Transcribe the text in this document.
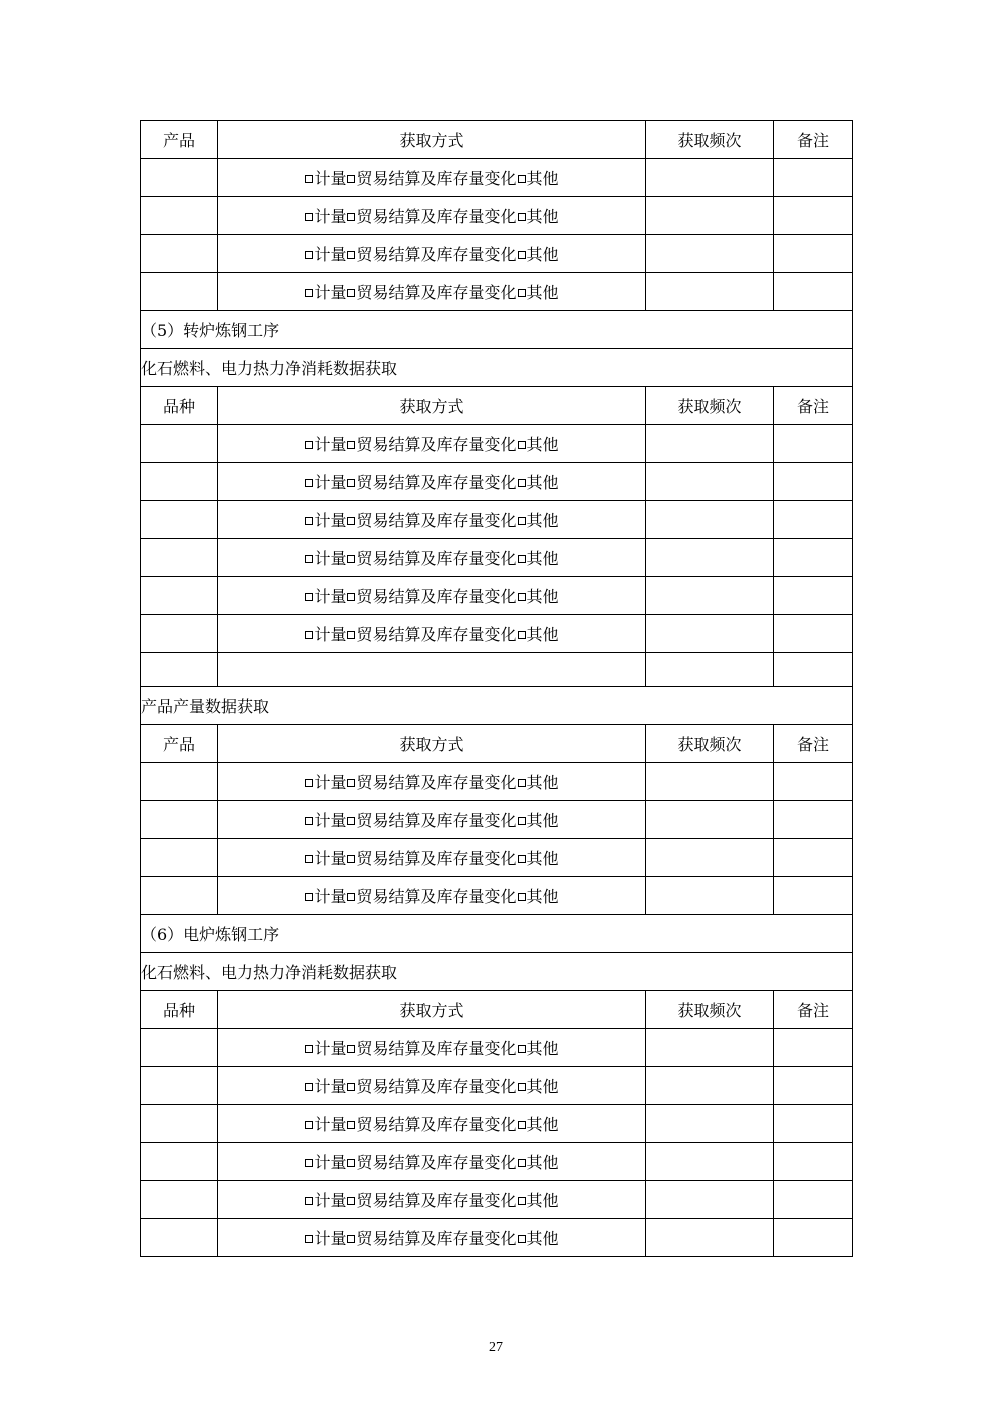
产品	获取方式	获取频次	备注
	计量 贸易结算及库存量变化 其他		
	计量 贸易结算及库存量变化 其他		
	计量 贸易结算及库存量变化 其他		
	计量 贸易结算及库存量变化 其他		
（5）转炉炼钢工序			
化石燃料、电力热力净消耗数据获取			
品种	获取方式	获取频次	备注
	计量 贸易结算及库存量变化 其他		
	计量 贸易结算及库存量变化 其他		
	计量 贸易结算及库存量变化 其他		
	计量 贸易结算及库存量变化 其他		
	计量 贸易结算及库存量变化 其他		
	计量 贸易结算及库存量变化 其他		

产品产量数据获取			
产品	获取方式	获取频次	备注
	计量 贸易结算及库存量变化 其他		
	计量 贸易结算及库存量变化 其他		
	计量 贸易结算及库存量变化 其他		
	计量 贸易结算及库存量变化 其他		
（6）电炉炼钢工序			
化石燃料、电力热力净消耗数据获取			
品种	获取方式	获取频次	备注
	计量 贸易结算及库存量变化 其他		
	计量 贸易结算及库存量变化 其他		
	计量 贸易结算及库存量变化 其他		
	计量 贸易结算及库存量变化 其他		
	计量 贸易结算及库存量变化 其他		
	计量 贸易结算及库存量变化 其他		
27
